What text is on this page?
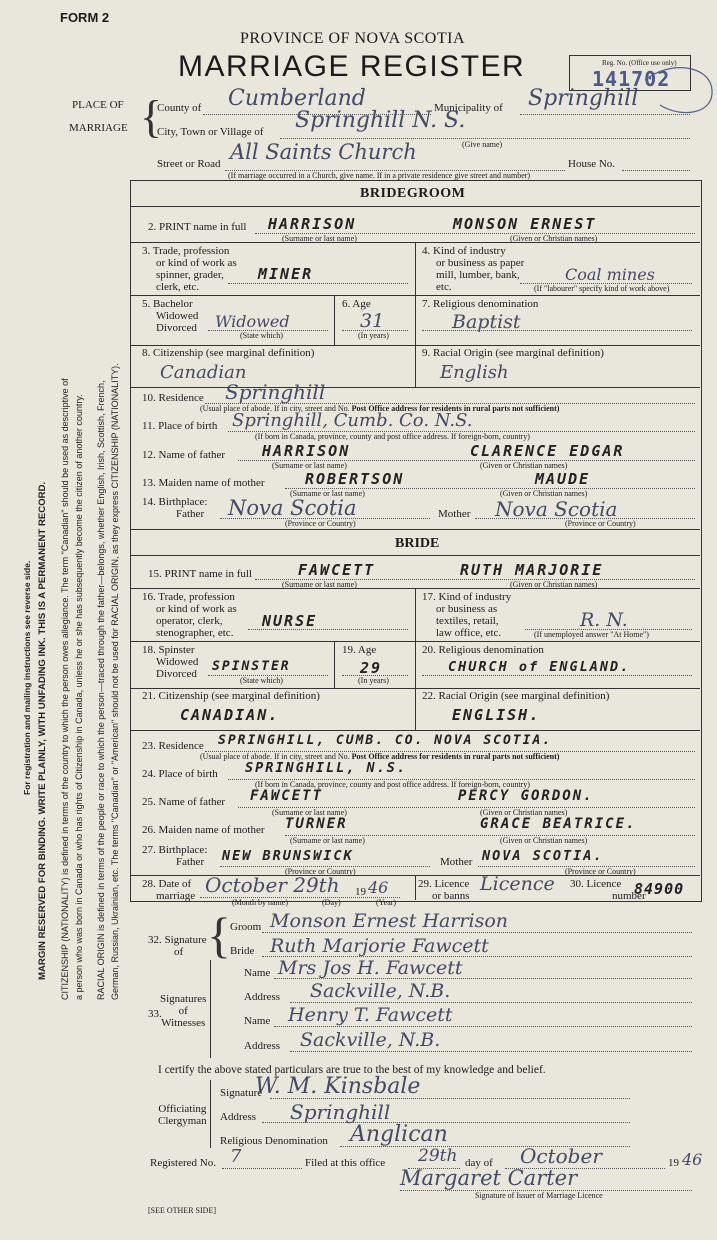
FORM 2
PROVINCE OF NOVA SCOTIA
MARRIAGE REGISTER	Reg. No. (Office use only)
141702
PLACE OF
MARRIAGE {
County of Cumberland	Municipality of Springhill
City, Town or Village of Springhill N. S.
(Give name)
Street or Road All Saints Church	House No.
(If marriage occurred in a Church, give name. If in a private residence give street and number)
For registration and mailing instructions see reverse side. MARGIN RESERVED FOR BINDING. WRITE PLAINLY, WITH UNFADING INK. THIS IS A PERMANENT RECORD. CITIZENSHIP (NATIONALITY) is defined in terms of the country to which the person owes allegiance. The term "Canadian" should be used as descriptive of a person who was born in Canada or who has rights of Citizenship in Canada, unless he or she has subsequently become the citizen of another country. RACIAL ORIGIN is defined in terms of the people or race to which the person—traced through the father—belongs, whether English, Irish, Scottish, French, German, Russian, Ukrainian, etc. The terms "Canadian" or "American" should not be used for RACIAL ORIGIN, as they express CITIZENSHIP (NATIONALITY).
BRIDEGROOM
2. PRINT name in full HARRISON	MONSON ERNEST
(Surname or last name)	(Given or Christian names)
3. Trade, profession
or kind of work as
spinner, grader,
clerk, etc.
MINER
4. Kind of industry
or business as paper
mill, lumber, bank,
etc.
Coal mines
(If "labourer" specify kind of work above)
5. Bachelor
Widowed
Divorced Widowed
(State which)
6. Age
31
(In years)
7. Religious denomination
Baptist
8. Citizenship (see marginal definition)
Canadian
9. Racial Origin (see marginal definition)
English
10. Residence Springhill
(Usual place of abode. If in city, street and No. Post Office address for residents in rural parts not sufficient)
11. Place of birth Springhill, Cumb. Co. N.S.
(If born in Canada, province, county and post office address. If foreign-born, country)
12. Name of father HARRISON	CLARENCE EDGAR
(Surname or last name)	(Given or Christian names)
13. Maiden name of mother	ROBERTSON	MAUDE
(Surname or last name)	(Given or Christian names)
14. Birthplace:
Father Nova Scotia
(Province or Country)
Mother Nova Scotia
(Province or Country)
BRIDE
15. PRINT name in full	FAWCETT	RUTH MARJORIE
(Surname or last name)	(Given or Christian names)
16. Trade, profession
or kind of work as
operator, clerk,
stenographer, etc.
NURSE
17. Kind of industry
or business as
textiles, retail,
law office, etc.
R. N.
(If unemployed answer "At Home")
18. Spinster
Widowed
Divorced SPINSTER
(State which)
19. Age
29
(In years)
20. Religious denomination
CHURCH of ENGLAND.
21. Citizenship (see marginal definition)
CANADIAN.
22. Racial Origin (see marginal definition)
ENGLISH.
23. Residence SPRINGHILL, CUMB. CO. NOVA SCOTIA.
(Usual place of abode. If in city, street and No. Post Office address for residents in rural parts not sufficient)
24. Place of birth SPRINGHILL, N.S.
(If born in Canada, province, county and post office address. If foreign-born, country)
25. Name of father FAWCETT	PERCY GORDON.
(Surname or last name)	(Given or Christian names)
26. Maiden name of mother TURNER	GRACE BEATRICE.
(Surname or last name)	(Given or Christian names)
27. Birthplace:
Father NEW BRUNSWICK
(Province or Country)
Mother NOVA SCOTIA.
(Province or Country)
28. Date of
marriage October 29th 19 46
(Month by name)	(Day)	(Year)
29. Licence
or banns
Licence 30. Licence
number
84900
32. Signature
of { Groom Monson Ernest Harrison
Bride Ruth Marjorie Fawcett
33.
Signatures
of
Witnesses
Name Mrs Jos H. Fawcett
Address Sackville, N.B.
Name Henry T. Fawcett
Address Sackville, N.B.
I certify the above stated particulars are true to the best of my knowledge and belief.
Officiating
Clergyman
Signature
W. M. Kinsbale
Address Springhill
Religious Denomination Anglican
Registered No. 7	Filed at this office 29th day of October	19 46
Margaret Carter
Signature of Issuer of Marriage Licence
[SEE OTHER SIDE]
